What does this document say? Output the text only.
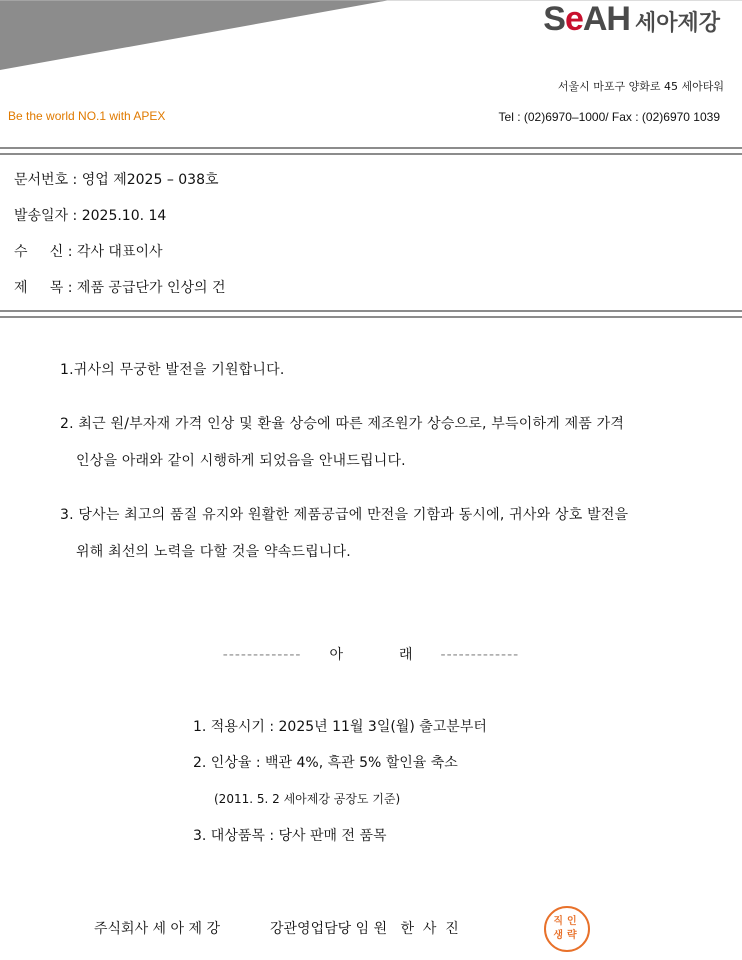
SeAH 세아제강
서울시 마포구 양화로 45 세아타워
Be the world NO.1 with APEX	Tel : (02)6970–1000/ Fax : (02)6970 1039
문서번호 : 영업 제2025 – 038호
발송일자 : 2025.10. 14
수     신 : 각사 대표이사
제     목 : 제품 공급단가 인상의 건
1.귀사의 무궁한 발전을 기원합니다.
2. 최근 원/부자재 가격 인상 및 환율 상승에 따른 제조원가 상승으로, 부득이하게 제품 가격
인상을 아래와 같이 시행하게 되었음을 안내드립니다.
3. 당사는 최고의 품질 유지와 원활한 제품공급에 만전을 기함과 동시에, 귀사와 상호 발전을
위해 최선의 노력을 다할 것을 약속드립니다.
------------- 아	래 -------------
1. 적용시기 : 2025년 11월 3일(월) 출고분부터
2. 인상율 : 백관 4%, 흑관 5% 할인율 축소
(2011. 5. 2 세아제강 공장도 기준)
3. 대상품목 : 당사 판매 전 품목
주식회사 세 아 제 강	강관영업담당 임 원   한  사  진	직인
생략
